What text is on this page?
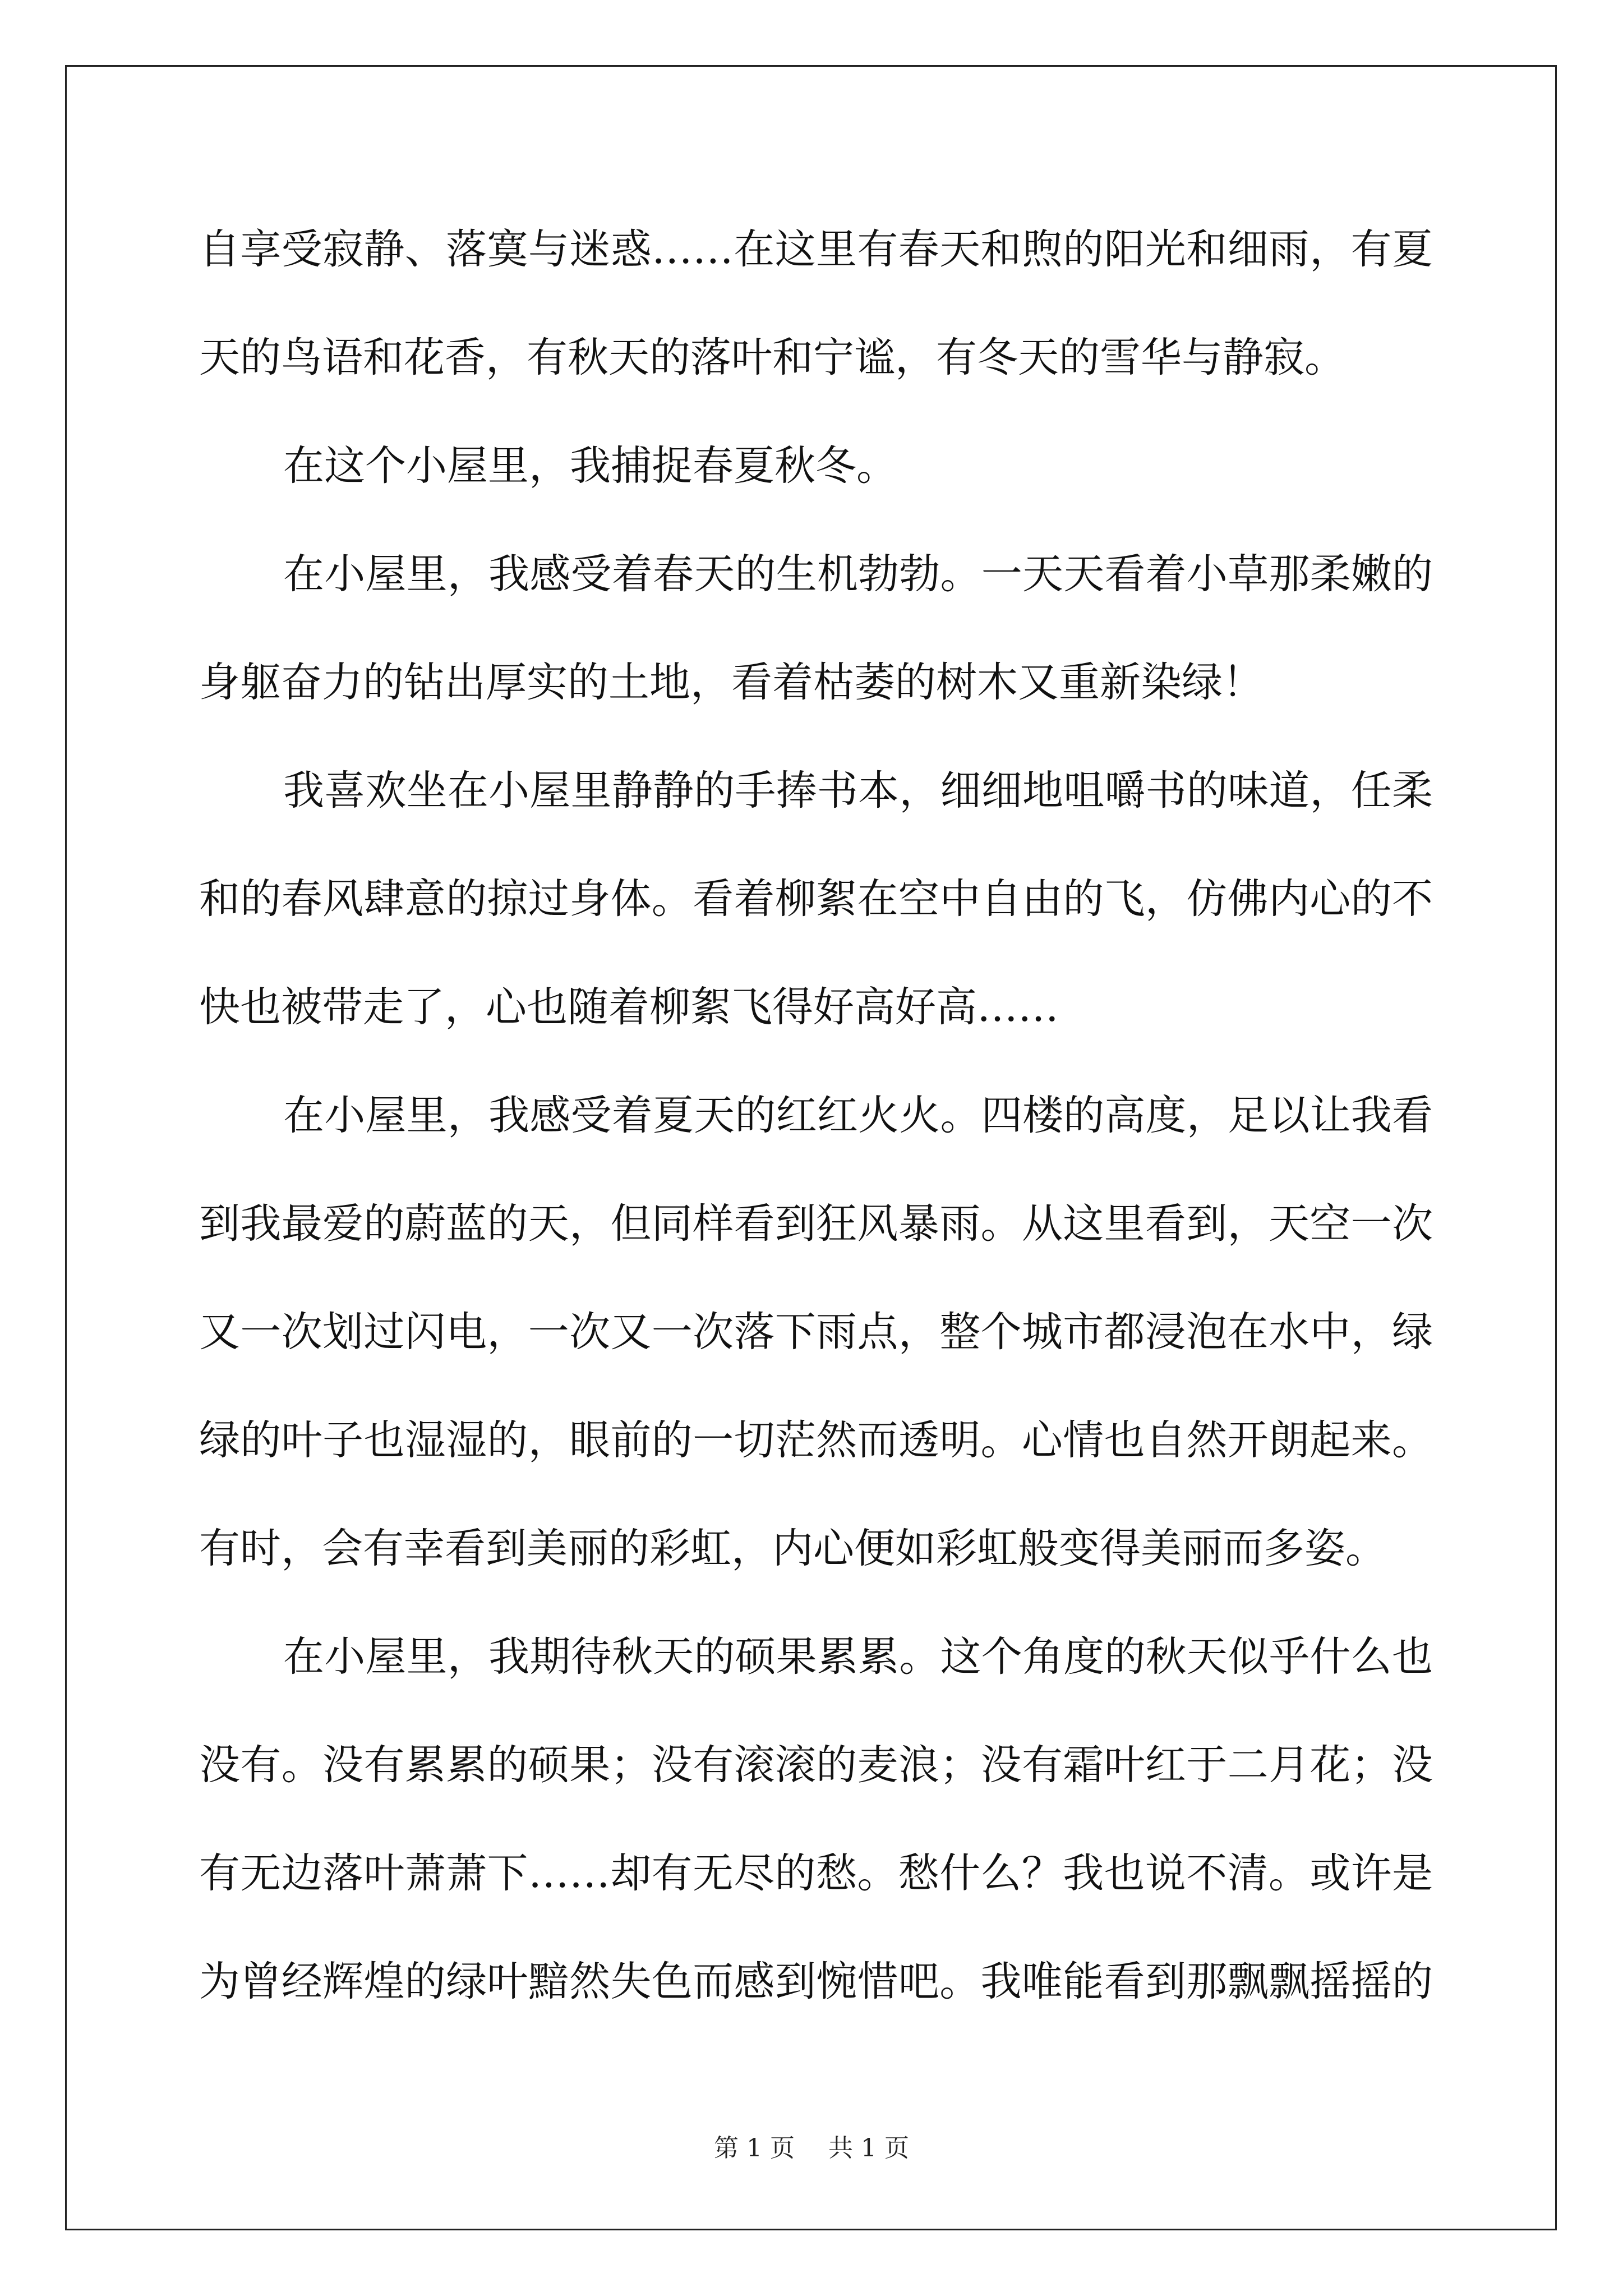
自享受寂静、落寞与迷惑……在这里有春天和煦的阳光和细雨，有夏
天的鸟语和花香，有秋天的落叶和宁谧，有冬天的雪华与静寂。
在这个小屋里，我捕捉春夏秋冬。
在小屋里，我感受着春天的生机勃勃。一天天看着小草那柔嫩的
身躯奋力的钻出厚实的土地，看着枯萎的树木又重新染绿！
我喜欢坐在小屋里静静的手捧书本，细细地咀嚼书的味道，任柔
和的春风肆意的掠过身体。看着柳絮在空中自由的飞，仿佛内心的不
快也被带走了，心也随着柳絮飞得好高好高……
在小屋里，我感受着夏天的红红火火。四楼的高度，足以让我看
到我最爱的蔚蓝的天，但同样看到狂风暴雨。从这里看到，天空一次
又一次划过闪电，一次又一次落下雨点，整个城市都浸泡在水中，绿
绿的叶子也湿湿的，眼前的一切茫然而透明。心情也自然开朗起来。
有时，会有幸看到美丽的彩虹，内心便如彩虹般变得美丽而多姿。
在小屋里，我期待秋天的硕果累累。这个角度的秋天似乎什么也
没有。没有累累的硕果；没有滚滚的麦浪；没有霜叶红于二月花；没
有无边落叶萧萧下……却有无尽的愁。愁什么？我也说不清。或许是
为曾经辉煌的绿叶黯然失色而感到惋惜吧。我唯能看到那飘飘摇摇的
第 1 页 共 1 页
